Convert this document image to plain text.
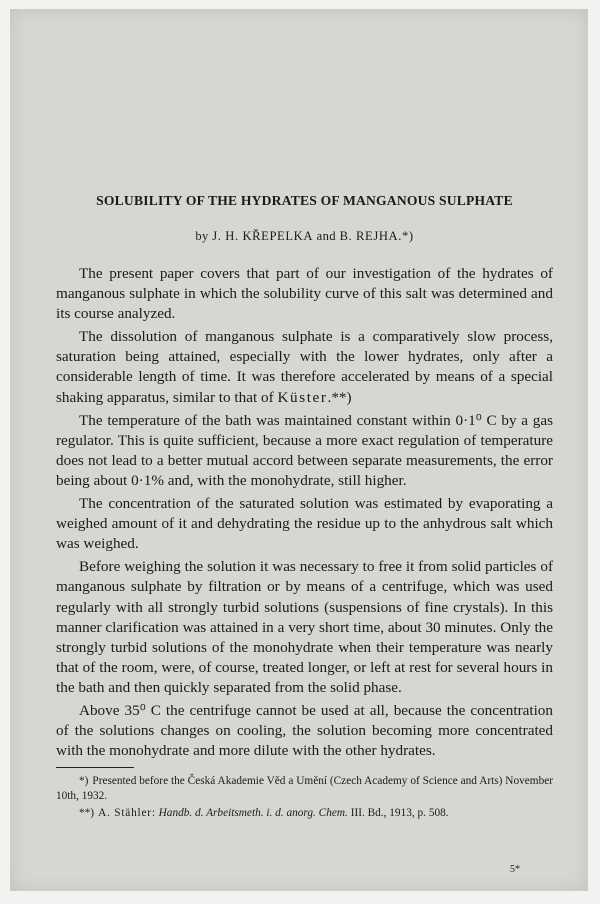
SOLUBILITY OF THE HYDRATES OF MANGANOUS SULPHATE

by J. H. KŘEPELKA and B. REJHA.*)

The present paper covers that part of our investigation of the hydrates of manganous sulphate in which the solubility curve of this salt was determined and its course analyzed.

The dissolution of manganous sulphate is a comparatively slow process, saturation being attained, especially with the lower hydrates, only after a considerable length of time. It was therefore accelerated by means of a special shaking apparatus, similar to that of Küster.**)

The temperature of the bath was maintained constant within 0·1⁰ C by a gas regulator. This is quite sufficient, because a more exact regulation of temperature does not lead to a better mutual accord between separate measurements, the error being about 0·1% and, with the monohydrate, still higher.

The concentration of the saturated solution was estimated by evaporating a weighed amount of it and dehydrating the residue up to the anhydrous salt which was weighed.

Before weighing the solution it was necessary to free it from solid particles of manganous sulphate by filtration or by means of a centrifuge, which was used regularly with all strongly turbid solutions (suspensions of fine crystals). In this manner clarification was attained in a very short time, about 30 minutes. Only the strongly turbid solutions of the monohydrate when their temperature was nearly that of the room, were, of course, treated longer, or left at rest for several hours in the bath and then quickly separated from the solid phase.

Above 35⁰ C the centrifuge cannot be used at all, because the concentration of the solutions changes on cooling, the solution becoming more concentrated with the monohydrate and more dilute with the other hydrates.

*) Presented before the Česká Akademie Věd a Umění (Czech Academy of Science and Arts) November 10th, 1932.

**) A. Stähler: Handb. d. Arbeitsmeth. i. d. anorg. Chem. III. Bd., 1913, p. 508.

5*
